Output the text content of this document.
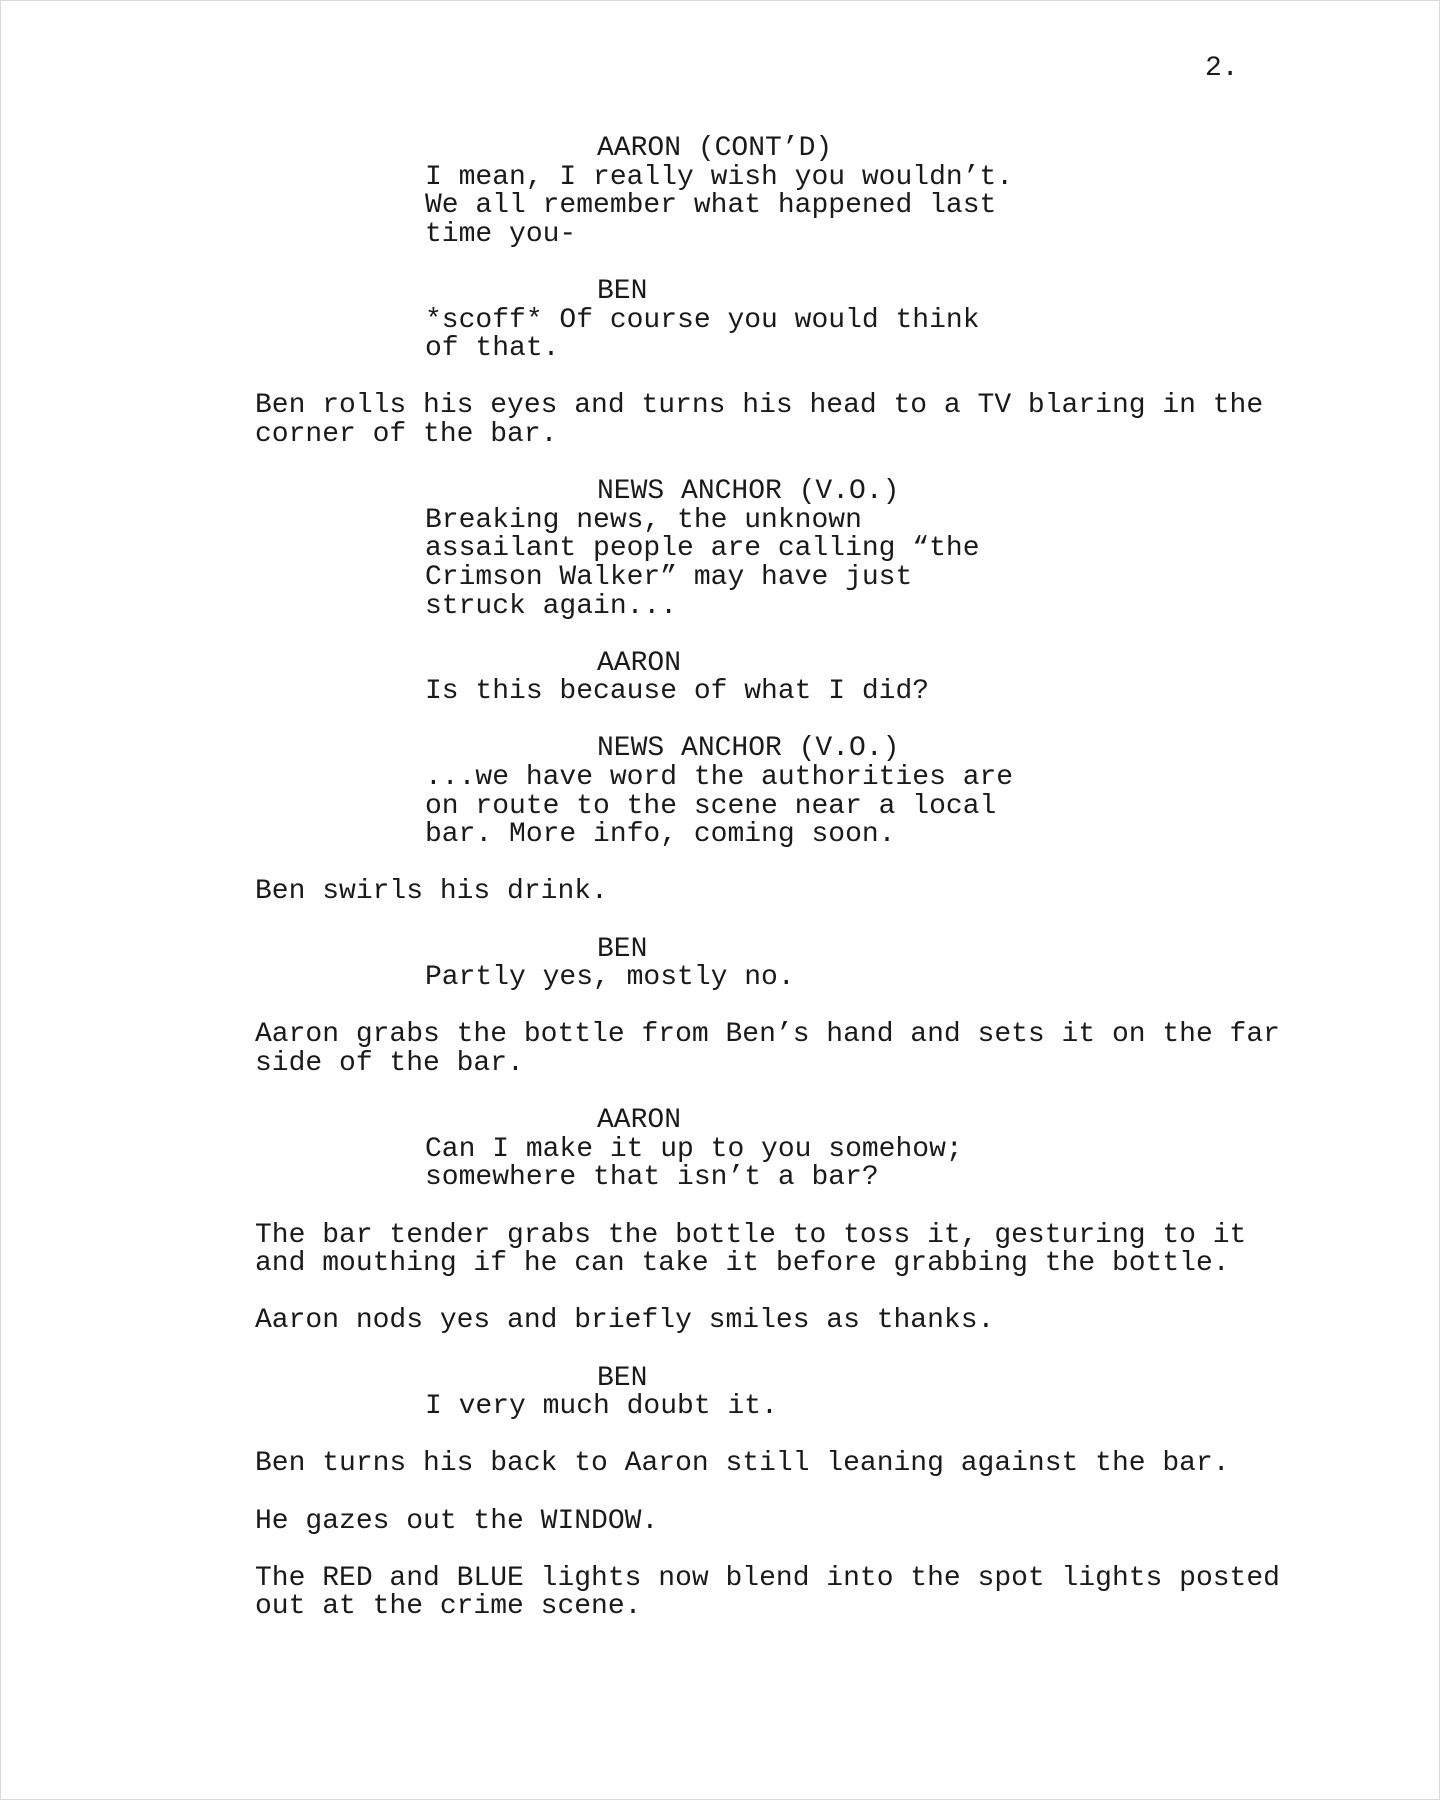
2.
AARON (CONT’D)
I mean, I really wish you wouldn’t.
We all remember what happened last
time you-
BEN
*scoff* Of course you would think
of that.
Ben rolls his eyes and turns his head to a TV blaring in the
corner of the bar.
NEWS ANCHOR (V.O.)
Breaking news, the unknown
assailant people are calling “the
Crimson Walker” may have just
struck again...
AARON
Is this because of what I did?
NEWS ANCHOR (V.O.)
...we have word the authorities are
on route to the scene near a local
bar. More info, coming soon.
Ben swirls his drink.
BEN
Partly yes, mostly no.
Aaron grabs the bottle from Ben’s hand and sets it on the far
side of the bar.
AARON
Can I make it up to you somehow;
somewhere that isn’t a bar?
The bar tender grabs the bottle to toss it, gesturing to it
and mouthing if he can take it before grabbing the bottle.
Aaron nods yes and briefly smiles as thanks.
BEN
I very much doubt it.
Ben turns his back to Aaron still leaning against the bar.
He gazes out the WINDOW.
The RED and BLUE lights now blend into the spot lights posted
out at the crime scene.
